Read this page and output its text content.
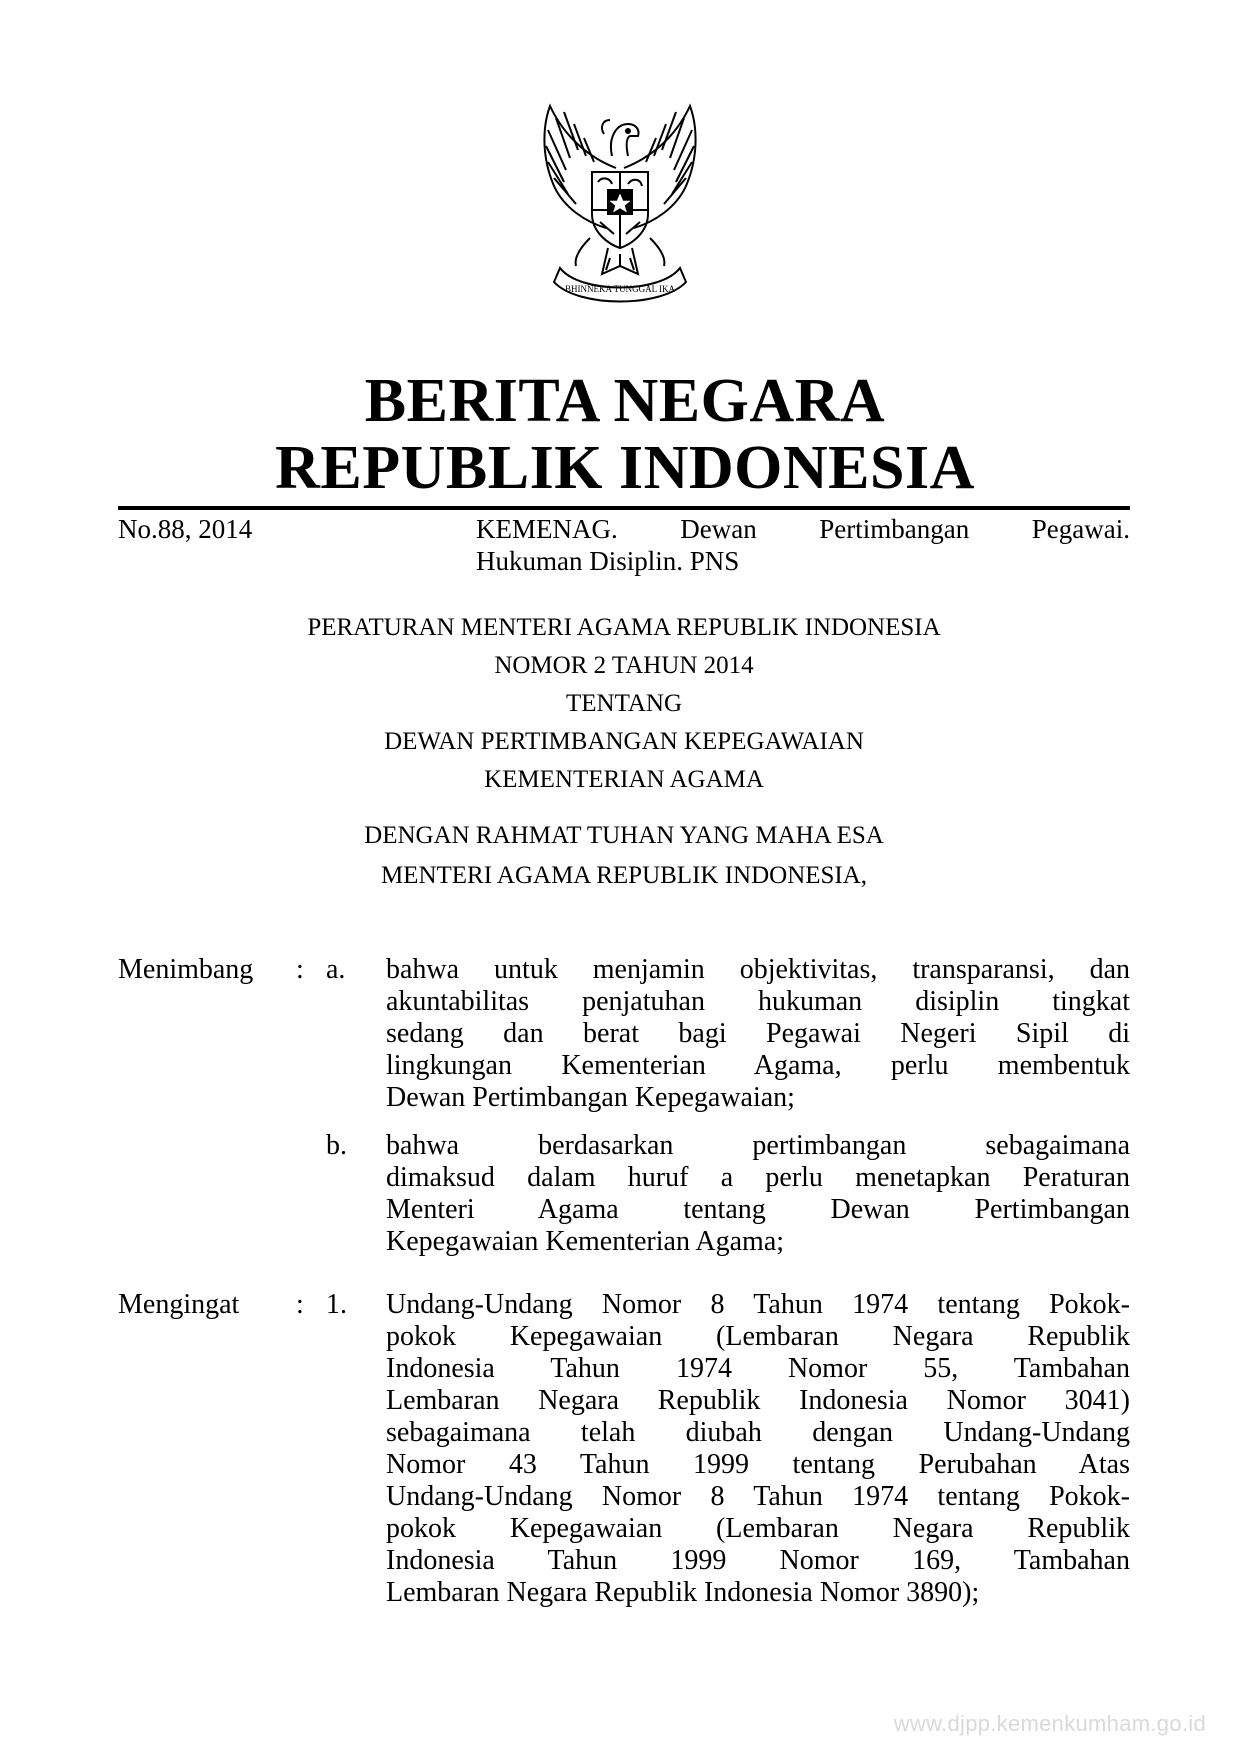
BHINNEKA TUNGGAL IKA
BERITA NEGARA
REPUBLIK INDONESIA
No.88, 2014	KEMENAG. Dewan Pertimbangan Pegawai.
Hukuman Disiplin. PNS
PERATURAN MENTERI AGAMA REPUBLIK INDONESIA
NOMOR 2 TAHUN 2014
TENTANG
DEWAN PERTIMBANGAN KEPEGAWAIAN
KEMENTERIAN AGAMA
DENGAN RAHMAT TUHAN YANG MAHA ESA
MENTERI AGAMA REPUBLIK INDONESIA,
Menimbang : a. bahwa untuk menjamin objektivitas, transparansi, dan
akuntabilitas penjatuhan hukuman disiplin tingkat
sedang dan berat bagi Pegawai Negeri Sipil di
lingkungan Kementerian Agama, perlu membentuk
Dewan Pertimbangan Kepegawaian;
b. bahwa berdasarkan pertimbangan sebagaimana
dimaksud dalam huruf a perlu menetapkan Peraturan
Menteri Agama tentang Dewan Pertimbangan
Kepegawaian Kementerian Agama;
Mengingat : 1. Undang-Undang Nomor 8 Tahun 1974 tentang Pokok-
pokok Kepegawaian (Lembaran Negara Republik
Indonesia Tahun 1974 Nomor 55, Tambahan
Lembaran Negara Republik Indonesia Nomor 3041)
sebagaimana telah diubah dengan Undang-Undang
Nomor 43 Tahun 1999 tentang Perubahan Atas
Undang-Undang Nomor 8 Tahun 1974 tentang Pokok-
pokok Kepegawaian (Lembaran Negara Republik
Indonesia Tahun 1999 Nomor 169, Tambahan
Lembaran Negara Republik Indonesia Nomor 3890);
www.djpp.kemenkumham.go.id
